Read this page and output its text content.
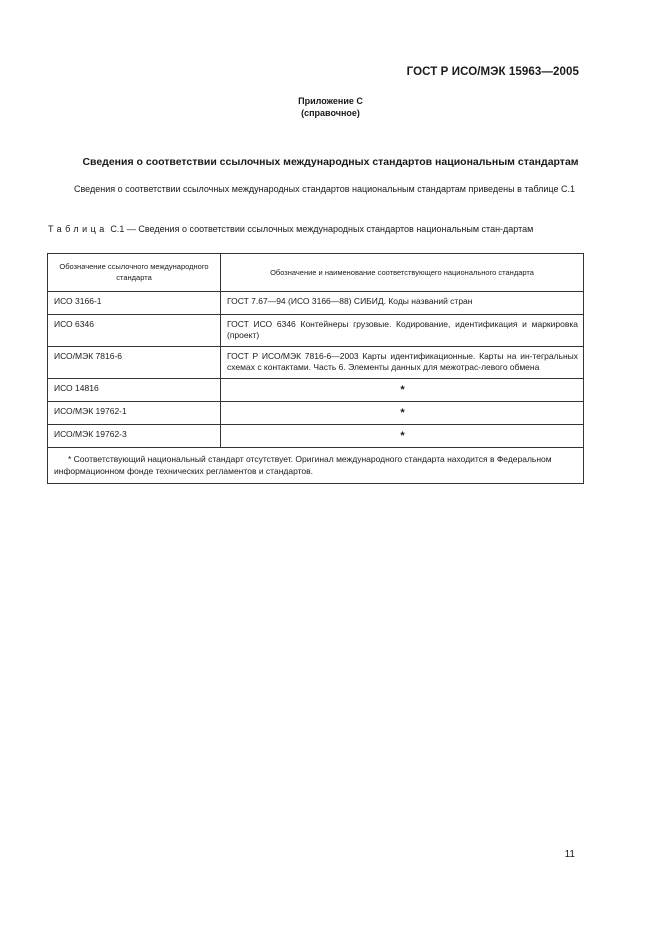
ГОСТ Р ИСО/МЭК 15963—2005
Приложение С
(справочное)
Сведения о соответствии ссылочных международных стандартов национальным стандартам
Сведения о соответствии ссылочных международных стандартов национальным стандартам приведены в таблице С.1
Таблица С.1 — Сведения о соответствии ссылочных международных стандартов национальным стан-дартам
Обозначение ссылочного международного стандарта	Обозначение и наименование соответствующего национального стандарта
ИСО 3166-1	ГОСТ 7.67—94 (ИСО 3166—88) СИБИД. Коды названий стран
ИСО 6346	ГОСТ ИСО 6346 Контейнеры грузовые. Кодирование, идентификация и маркировка (проект)
ИСО/МЭК 7816-6	ГОСТ Р ИСО/МЭК 7816-6—2003 Карты идентификационные. Карты на ин-тегральных схемах с контактами. Часть 6. Элементы данных для межотрас-левого обмена
ИСО 14816	*
ИСО/МЭК 19762-1	*
ИСО/МЭК 19762-3	*
* Соответствующий национальный стандарт отсутствует. Оригинал международного стандарта находится в Федеральном информационном фонде технических регламентов и стандартов.	
11
